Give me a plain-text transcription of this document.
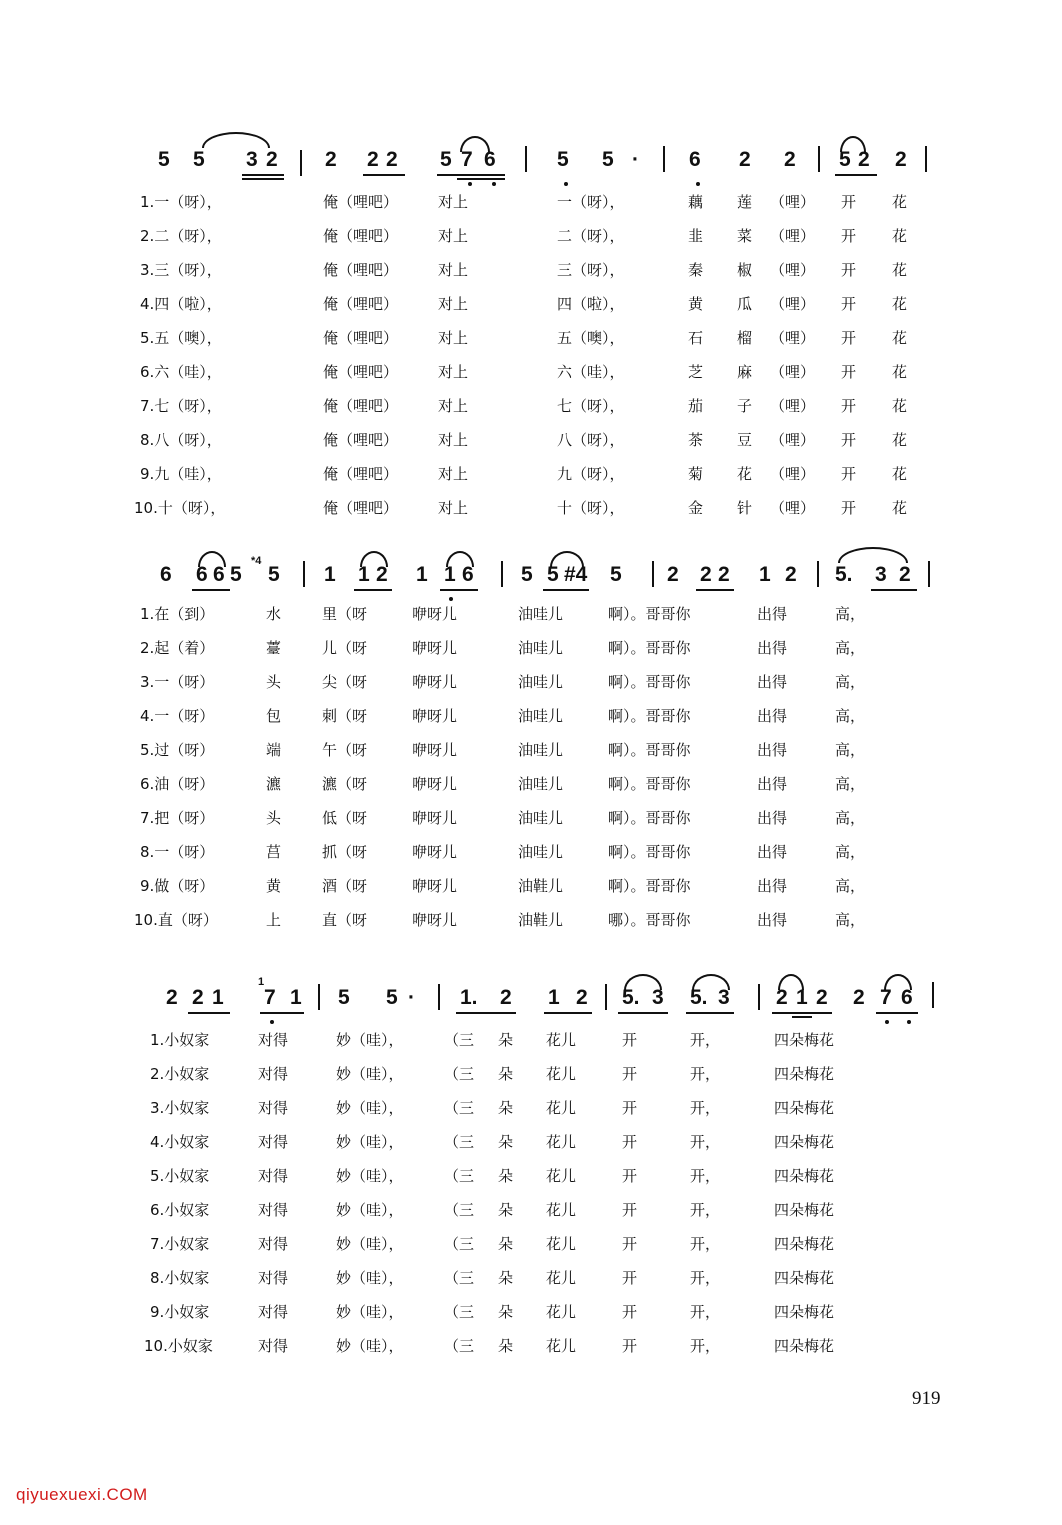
5 5 3 2 2 2 2 5 7 6	5 5 · 6 2 2 5 2 2
1.一（呀），	俺（哩吧）	对上	一（呀），	藕 莲 （哩） 开 花
2.二（呀），	俺（哩吧）	对上	二（呀），	韭 菜 （哩） 开 花
3.三（呀），	俺（哩吧）	对上	三（呀），	秦 椒 （哩） 开 花
4.四（啦），	俺（哩吧）	对上	四（啦），	黄 瓜 （哩） 开 花
5.五（噢），	俺（哩吧）	对上	五（噢），	石 榴 （哩） 开 花
6.六（哇），	俺（哩吧）	对上	六（哇），	芝 麻 （哩） 开 花
7.七（呀），	俺（哩吧）	对上	七（呀），	茄 子 （哩） 开 花
8.八（呀），	俺（哩吧）	对上	八（呀），	茶 豆 （哩） 开 花
9.九（哇），	俺（哩吧）	对上	九（呀），	菊 花 （哩） 开 花
10.十（呀），	俺（哩吧）	对上	十（呀），	金 针 （哩） 开 花
6 6 6 5 5 1 1 2 1 1 6 5 5 #4 5 2 2 2 1 2 5. 3 2
*4
1.在（到）	水	里（呀	咿呀儿	油哇儿	啊）。哥哥你	出得	高，
2.起（着）	薹	儿（呀	咿呀儿	油哇儿	啊）。哥哥你	出得	高，
3.一（呀）	头	尖（呀	咿呀儿	油哇儿	啊）。哥哥你	出得	高，
4.一（呀）	包	刺（呀	咿呀儿	油哇儿	啊）。哥哥你	出得	高，
5.过（呀）	端	午（呀	咿呀儿	油哇儿	啊）。哥哥你	出得	高，
6.油（呀）	瀌	瀌（呀	咿呀儿	油哇儿	啊）。哥哥你	出得	高，
7.把（呀）	头	低（呀	咿呀儿	油哇儿	啊）。哥哥你	出得	高，
8.一（呀）	莒	抓（呀	咿呀儿	油哇儿	啊）。哥哥你	出得	高，
9.做（呀）	黄	酒（呀	咿呀儿	油鞋儿	啊）。哥哥你	出得	高，
10.直（呀）	上	直（呀	咿呀儿	油鞋儿	哪）。哥哥你	出得	高，
2 2 1 7 1 5 5 · 1. 2 1 2 5. 3 5. 3 2 1 2 2 7 6
1
1.小奴家	对得	妙（哇），	（三 朵 花儿	开	开，	四朵梅花
2.小奴家	对得	妙（哇），	（三 朵 花儿	开	开，	四朵梅花
3.小奴家	对得	妙（哇），	（三 朵 花儿	开	开，	四朵梅花
4.小奴家	对得	妙（哇），	（三 朵 花儿	开	开，	四朵梅花
5.小奴家	对得	妙（哇），	（三 朵 花儿	开	开，	四朵梅花
6.小奴家	对得	妙（哇），	（三 朵 花儿	开	开，	四朵梅花
7.小奴家	对得	妙（哇），	（三 朵 花儿	开	开，	四朵梅花
8.小奴家	对得	妙（哇），	（三 朵 花儿	开	开，	四朵梅花
9.小奴家	对得	妙（哇），	（三 朵 花儿	开	开，	四朵梅花
10.小奴家	对得	妙（哇），	（三 朵 花儿	开	开，	四朵梅花
919
qiyuexuexi.COM
